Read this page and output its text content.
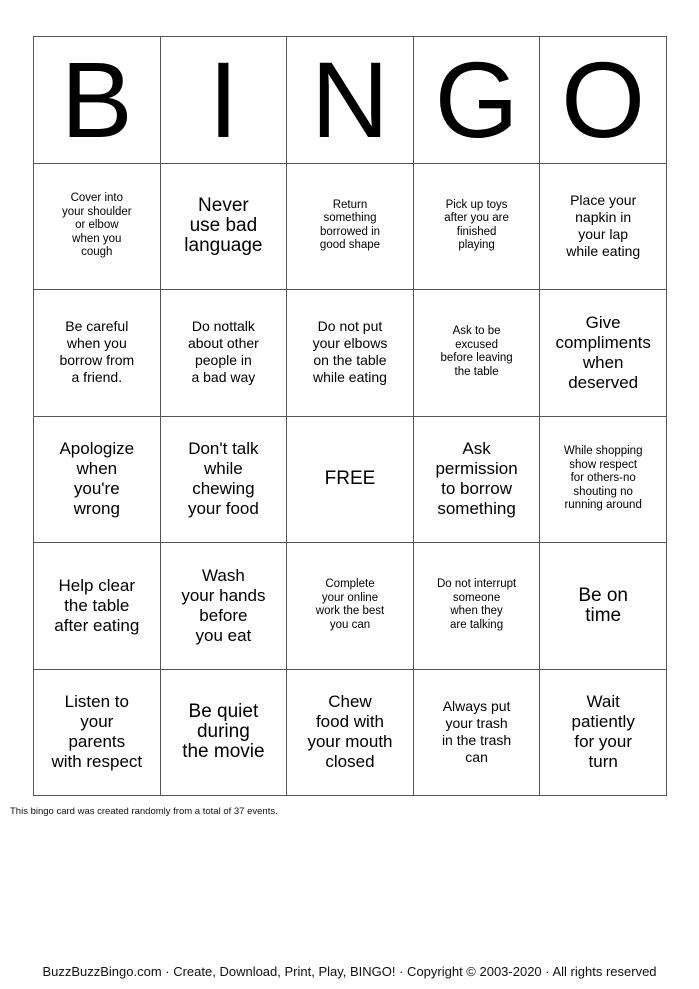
B	I	N	G	O
Cover into
your shoulder
or elbow
when you
cough	Never
use bad
language	Return
something
borrowed in
good shape	Pick up toys
after you are
finished
playing	Place your
napkin in
your lap
while eating
Be careful
when you
borrow from
a friend.	Do nottalk
about other
people in
a bad way	Do not put
your elbows
on the table
while eating	Ask to be
excused
before leaving
the table	Give
compliments
when
deserved
Apologize
when
you're
wrong	Don't talk
while
chewing
your food	FREE	Ask
permission
to borrow
something	While shopping
show respect
for others-no
shouting no
running around
Help clear
the table
after eating	Wash
your hands
before
you eat	Complete
your online
work the best
you can	Do not interrupt
someone
when they
are talking	Be on
time
Listen to
your
parents
with respect	Be quiet
during
the movie	Chew
food with
your mouth
closed	Always put
your trash
in the trash
can	Wait
patiently
for your
turn
This bingo card was created randomly from a total of 37 events.
BuzzBuzzBingo.com · Create, Download, Print, Play, BINGO! · Copyright © 2003-2020 · All rights reserved
